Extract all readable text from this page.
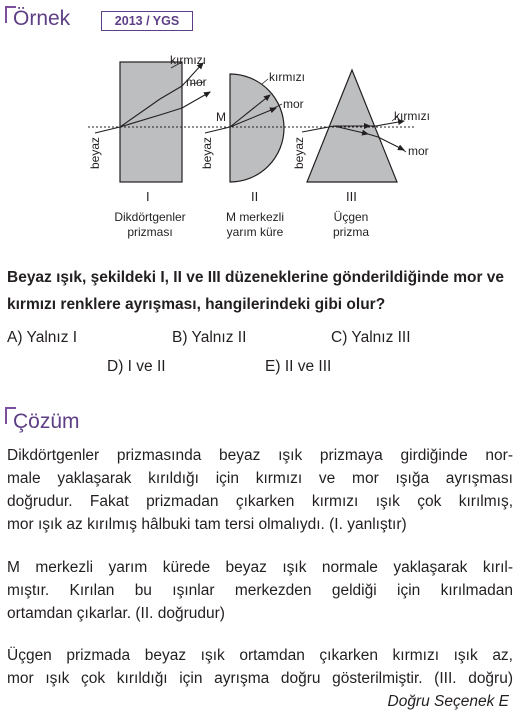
Örnek	2013 / YGS
kırmızı
mor	kırmızı
mor
M	kırmızı
mor
beyaz	beyaz	beyaz
I	II	III
Dikdörtgenler
prizması
M merkezli
yarım küre
Üçgen
prizma

Beyaz ışık, şekildeki I, II ve III düzeneklerine gönderildiğinde mor ve kırmızı renklere ayrışması, hangilerindeki gibi olur?

A) Yalnız I	B) Yalnız II	C) Yalnız III
D) I ve II	E) II ve III
Çözüm
Dikdörtgenler prizmasında beyaz ışık prizmaya girdiğinde nor-
male yaklaşarak kırıldığı için kırmızı ve mor ışığa ayrışması
doğrudur. Fakat prizmadan çıkarken kırmızı ışık çok kırılmış,
mor ışık az kırılmış hâlbuki tam tersi olmalıydı. (I. yanlıştır)
M merkezli yarım kürede beyaz ışık normale yaklaşarak kırıl-
mıştır. Kırılan bu ışınlar merkezden geldiği için kırılmadan
ortamdan çıkarlar. (II. doğrudur)
Üçgen prizmada beyaz ışık ortamdan çıkarken kırmızı ışık az,
mor ışık çok kırıldığı için ayrışma doğru gösterilmiştir. (III. doğru)
Doğru Seçenek E
